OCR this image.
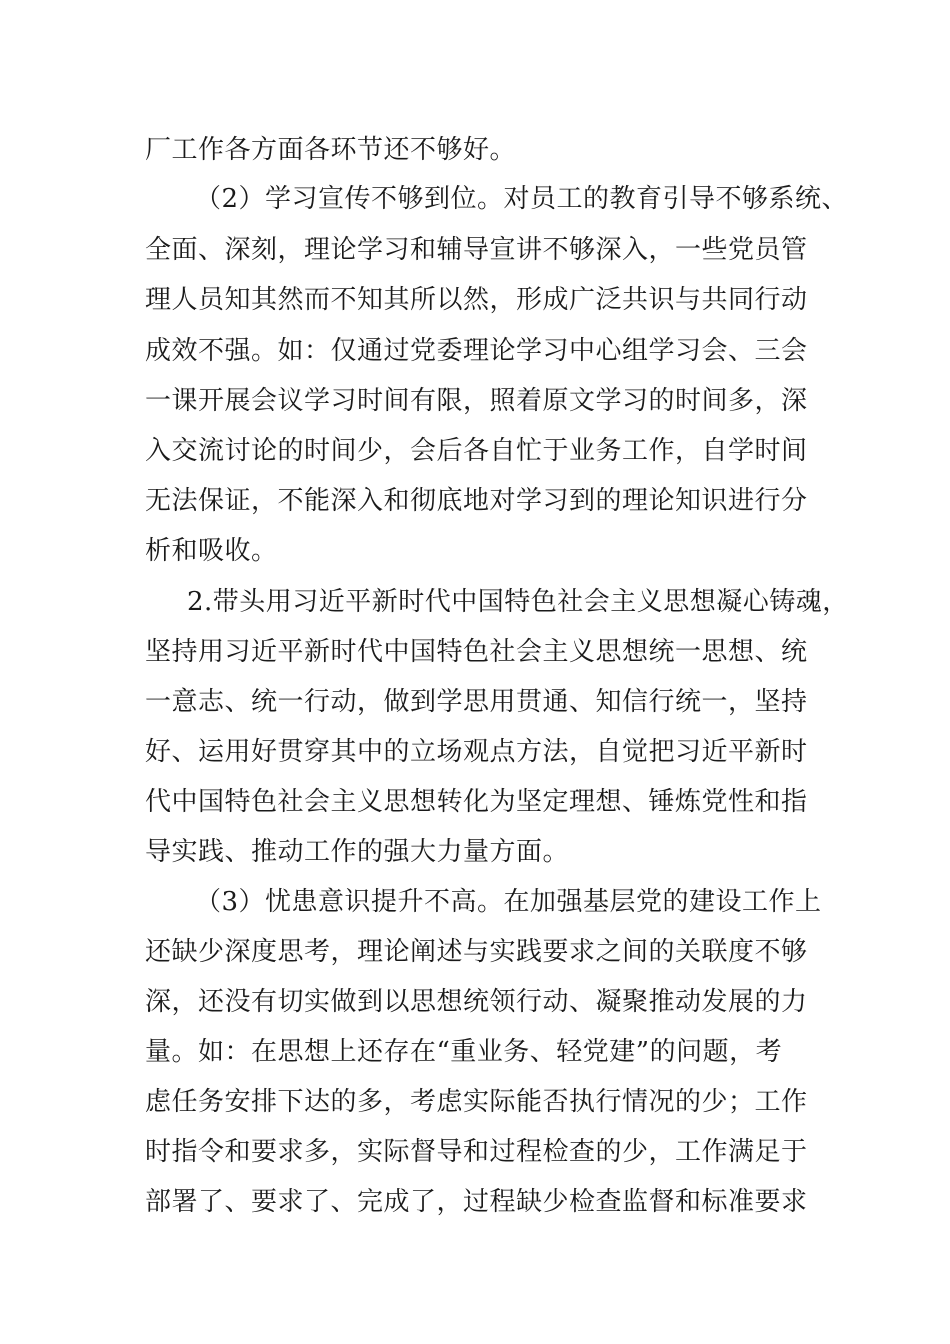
厂工作各方面各环节还不够好。
（2）学习宣传不够到位。对员工的教育引导不够系统、
全面、深刻，理论学习和辅导宣讲不够深入，一些党员管
理人员知其然而不知其所以然，形成广泛共识与共同行动
成效不强。如：仅通过党委理论学习中心组学习会、三会
一课开展会议学习时间有限，照着原文学习的时间多，深
入交流讨论的时间少，会后各自忙于业务工作，自学时间
无法保证，不能深入和彻底地对学习到的理论知识进行分
析和吸收。
2.带头用习近平新时代中国特色社会主义思想凝心铸魂，
坚持用习近平新时代中国特色社会主义思想统一思想、统
一意志、统一行动，做到学思用贯通、知信行统一，坚持
好、运用好贯穿其中的立场观点方法，自觉把习近平新时
代中国特色社会主义思想转化为坚定理想、锤炼党性和指
导实践、推动工作的强大力量方面。
（3）忧患意识提升不高。在加强基层党的建设工作上
还缺少深度思考，理论阐述与实践要求之间的关联度不够
深，还没有切实做到以思想统领行动、凝聚推动发展的力
量。如：在思想上还存在“重业务、轻党建”的问题，考
虑任务安排下达的多，考虑实际能否执行情况的少；工作
时指令和要求多，实际督导和过程检查的少，工作满足于
部署了、要求了、完成了，过程缺少检查监督和标准要求
